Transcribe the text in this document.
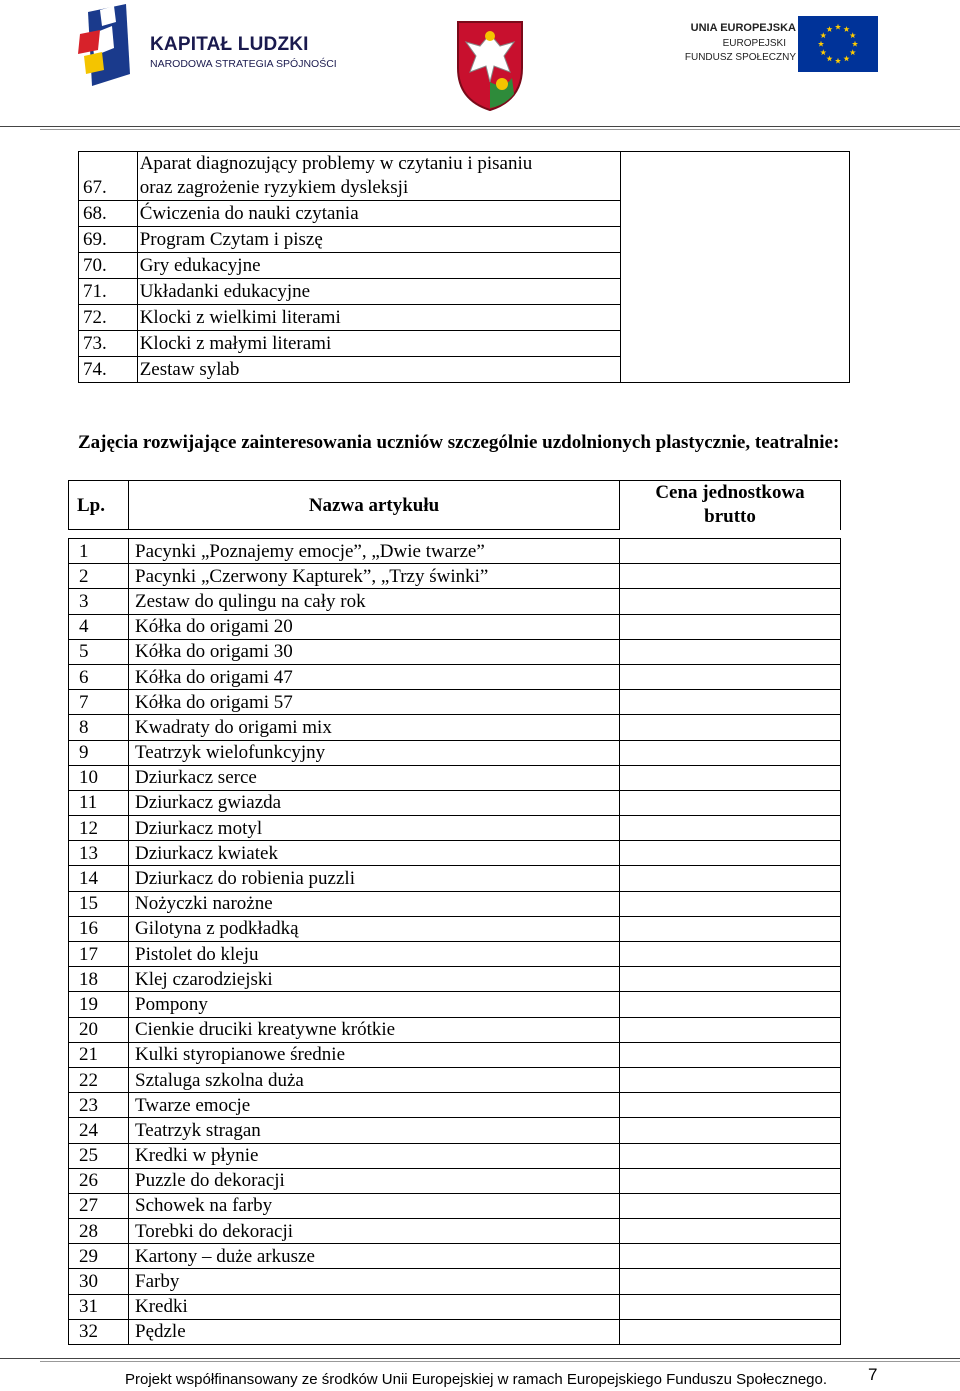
KAPITAŁ LUDZKI
NARODOWA STRATEGIA SPÓJNOŚCI
UNIA EUROPEJSKA
EUROPEJSKI
FUNDUSZ SPOŁECZNY
67.	Aparat diagnozujący problemy w czytaniu i pisaniu
oraz zagrożenie ryzykiem dysleksji	

68.	Ćwiczenia do nauki czytania	

69.	Program Czytam i piszę	

70.	Gry edukacyjne	

71.	Układanki edukacyjne	

72.	Klocki z wielkimi literami	

73.	Klocki z małymi literami	

74.	Zestaw sylab	

Zajęcia rozwijające zainteresowania uczniów szczególnie uzdolnionych plastycznie, teatralnie:
Lp.	Nazwa artykułu	Cena jednostkowa
brutto

1	Pacynki „Poznajemy emocje”, „Dwie twarze”	
2	Pacynki „Czerwony Kapturek”, „Trzy świnki”	
3	Zestaw do qulingu na cały rok	
4	Kółka do origami 20	
5	Kółka do origami 30	
6	Kółka do origami 47	
7	Kółka do origami 57	
8	Kwadraty do origami mix	
9	Teatrzyk wielofunkcyjny	
10	Dziurkacz serce	
11	Dziurkacz gwiazda	
12	Dziurkacz motyl	
13	Dziurkacz kwiatek	
14	Dziurkacz do robienia puzzli	
15	Nożyczki narożne	
16	Gilotyna z podkładką	
17	Pistolet do kleju	
18	Klej czarodziejski	
19	Pompony	
20	Cienkie druciki kreatywne krótkie	
21	Kulki styropianowe średnie	
22	Sztaluga szkolna duża	
23	Twarze emocje	
24	Teatrzyk stragan	
25	Kredki w płynie	
26	Puzzle do dekoracji	
27	Schowek na farby	
28	Torebki do dekoracji	
29	Kartony – duże arkusze	
30	Farby	
31	Kredki	
32	Pędzle	
Projekt współfinansowany ze środków Unii Europejskiej w ramach Europejskiego Funduszu Społecznego. 7
